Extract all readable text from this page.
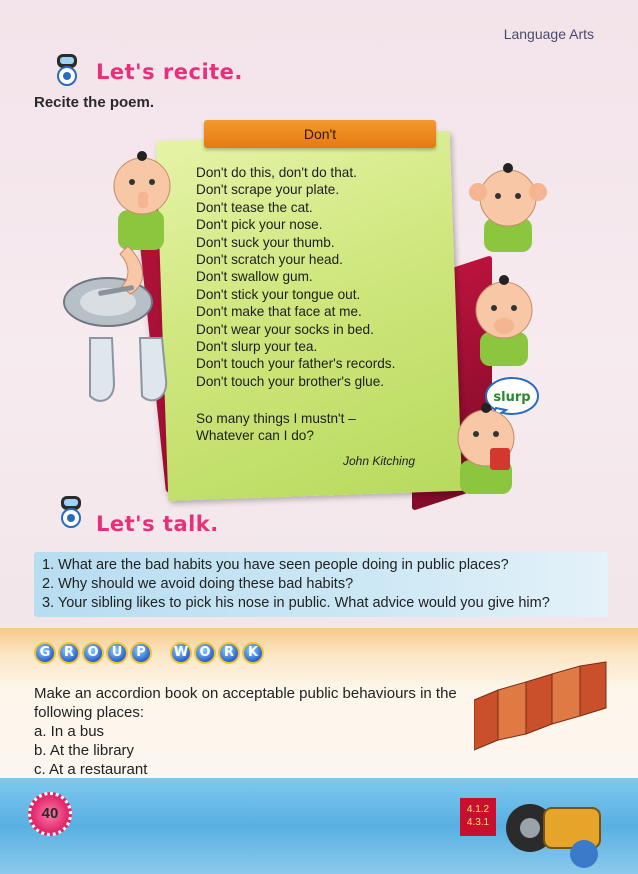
Language Arts
Let's recite.
Recite the poem.
Don't
Don't do this, don't do that.
Don't scrape your plate.
Don't tease the cat.
Don't pick your nose.
Don't suck your thumb.
Don't scratch your head.
Don't swallow gum.
Don't stick your tongue out.
Don't make that face at me.
Don't wear your socks in bed.
Don't slurp your tea.
Don't touch your father's records.
Don't touch your brother's glue.
So many things I mustn't –
Whatever can I do?
John Kitching
slurp
Let's talk.
1. What are the bad habits you have seen people doing in public places?
2. Why should we avoid doing these bad habits?
3. Your sibling likes to pick his nose in public. What advice would you give him?
G	R	O	U	P	W O	R	K
Make an accordion book on acceptable public behaviours in the
following places:
a. In a bus
b. At the library
c. At a restaurant
40	4.1.2
4.3.1
